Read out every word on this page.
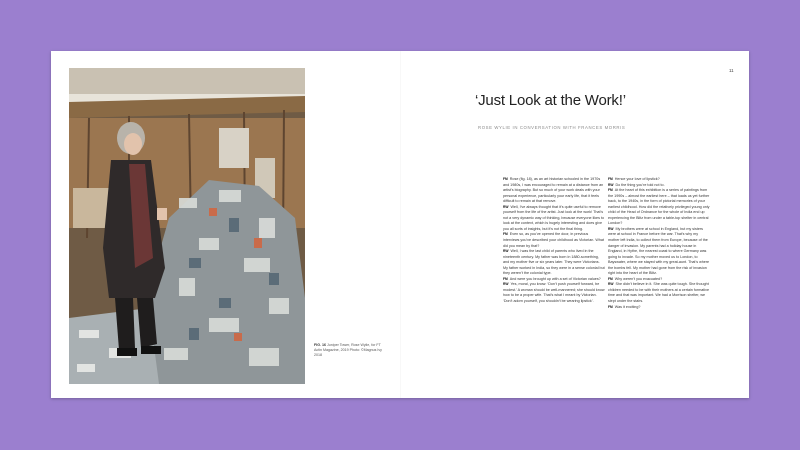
FIG. 16 Juniper Tower, Rose Wylie, for FT Actin Magazine, 2019 Photo: ©Magnus Ivy 2018
11
‘Just Look at the Work!’
ROSE WYLIE IN CONVERSATION WITH FRANCES MORRIS

FM Rose (fig. 18), as an art historian schooled in the 1970s and 1980s, I was encouraged to remain at a distance from an artist’s biography. But so much of your work deals with your personal experience, particularly your early life, that it feels difficult to remain at that remove.

RW Well, I’ve always thought that it’s quite useful to remove yourself from the life of the artist. Just look at the work! That’s not a very dynamic way of thinking, because everyone likes to look at the context, which is hugely interesting and does give you all sorts of insights, but it’s not the final thing.

FM Even so, as you’ve opened the door, in previous interviews you’ve described your childhood as Victorian. What did you mean by that?

RW Well, I was the last child of parents who lived in the nineteenth century. My father was born in 1880-something, and my mother five or six years later. They were Victorians. My father worked in India, so they were in a sense colonial but they weren’t the colonial type.

FM And were you brought up with a set of Victorian values?

RW Yes, moral, you know: ‘Don’t push yourself forward, be modest.’ A woman should be well-mannered; she should know how to be a proper wife. That’s what I meant by Victorian. ‘Don’t adorn yourself, you shouldn’t be wearing lipstick’.

FM Hence your love of lipstick?

RW Do the thing you’re told not to.

FM At the heart of this exhibition is a series of paintings from the 1990s – almost the earliest here – that loads us yet further back, to the 1940s, in the form of pictorial memories of your earliest childhood. How did the relatively privileged young only child of the Head of Ordnance for the whole of India end up experiencing the Blitz from under a table-top shelter in central London?

RW My brothers were at school in England, but my sisters were at school in France before the war. That’s why my mother left India, to collect them from Europe, because of the danger of invasion. My parents had a holiday house in England, in Hythe, the nearest coast to where Germany was going to invade. So my mother moved us to London, to Bayswater, where we stayed with my great-aunt. That’s where the bombs fell. My mother had gone from the risk of invasion right into the heart of the Blitz.

FM Why weren’t you evacuated?

RW She didn’t believe in it. She was quite tough. She thought children needed to be with their mothers at a certain formative time and that was important. We had a Morrison shelter, we slept under the stairs.

FM Was it exciting?
